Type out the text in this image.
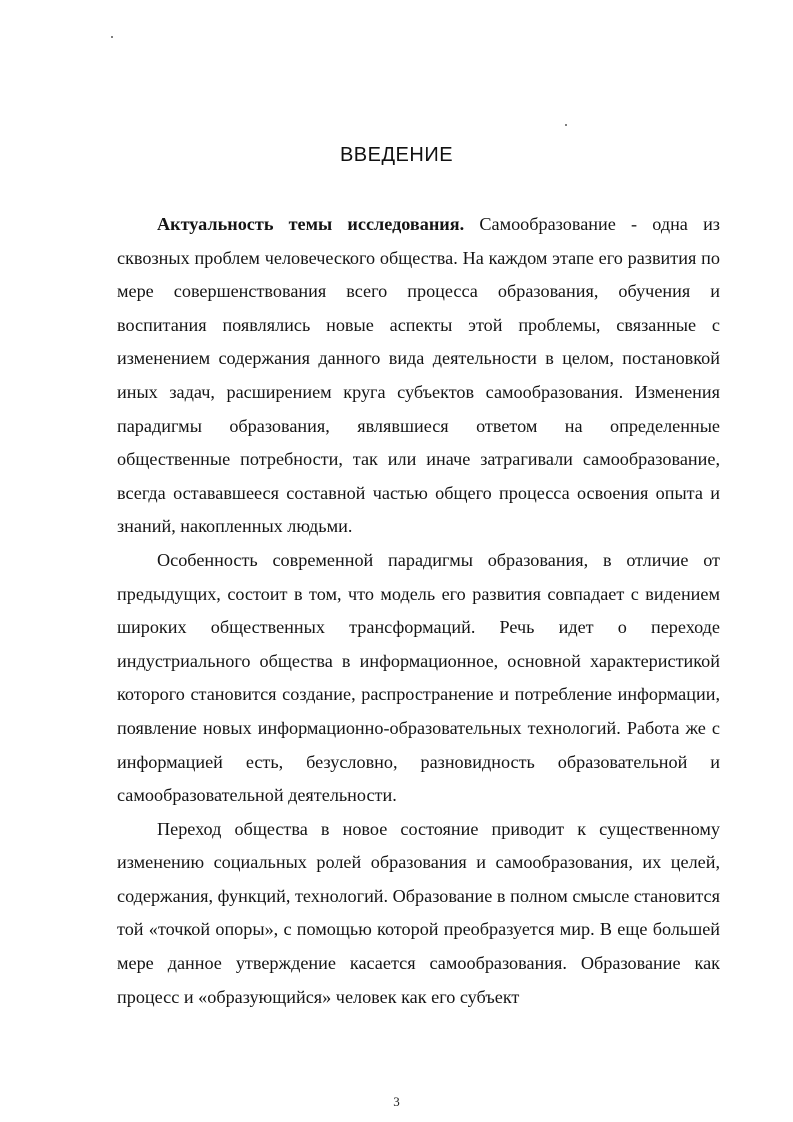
ВВЕДЕНИЕ

Актуальность темы исследования. Самообразование - одна из сквозных проблем человеческого общества. На каждом этапе его развития по мере совершенствования всего процесса образования, обучения и воспитания появлялись новые аспекты этой проблемы, связанные с изменением содержания данного вида деятельности в целом, постановкой иных задач, расширением круга субъектов самообразования. Изменения парадигмы образования, являвшиеся ответом на определенные общественные потребности, так или иначе затрагивали самообразование, всегда остававшееся составной частью общего процесса освоения опыта и знаний, накопленных людьми.

Особенность современной парадигмы образования, в отличие от предыдущих, состоит в том, что модель его развития совпадает с видением широких общественных трансформаций. Речь идет о переходе индустриального общества в информационное, основной характеристикой которого становится создание, распространение и потребление информации, появление новых информационно-образовательных технологий. Работа же с информацией есть, безусловно, разновидность образовательной и самообразовательной деятельности.

Переход общества в новое состояние приводит к существенному изменению социальных ролей образования и самообразования, их целей, содержания, функций, технологий. Образование в полном смысле становится той «точкой опоры», с помощью которой преобразуется мир. В еще большей мере данное утверждение касается самообразования. Образование как процесс и «образующийся» человек как его субъект

3
